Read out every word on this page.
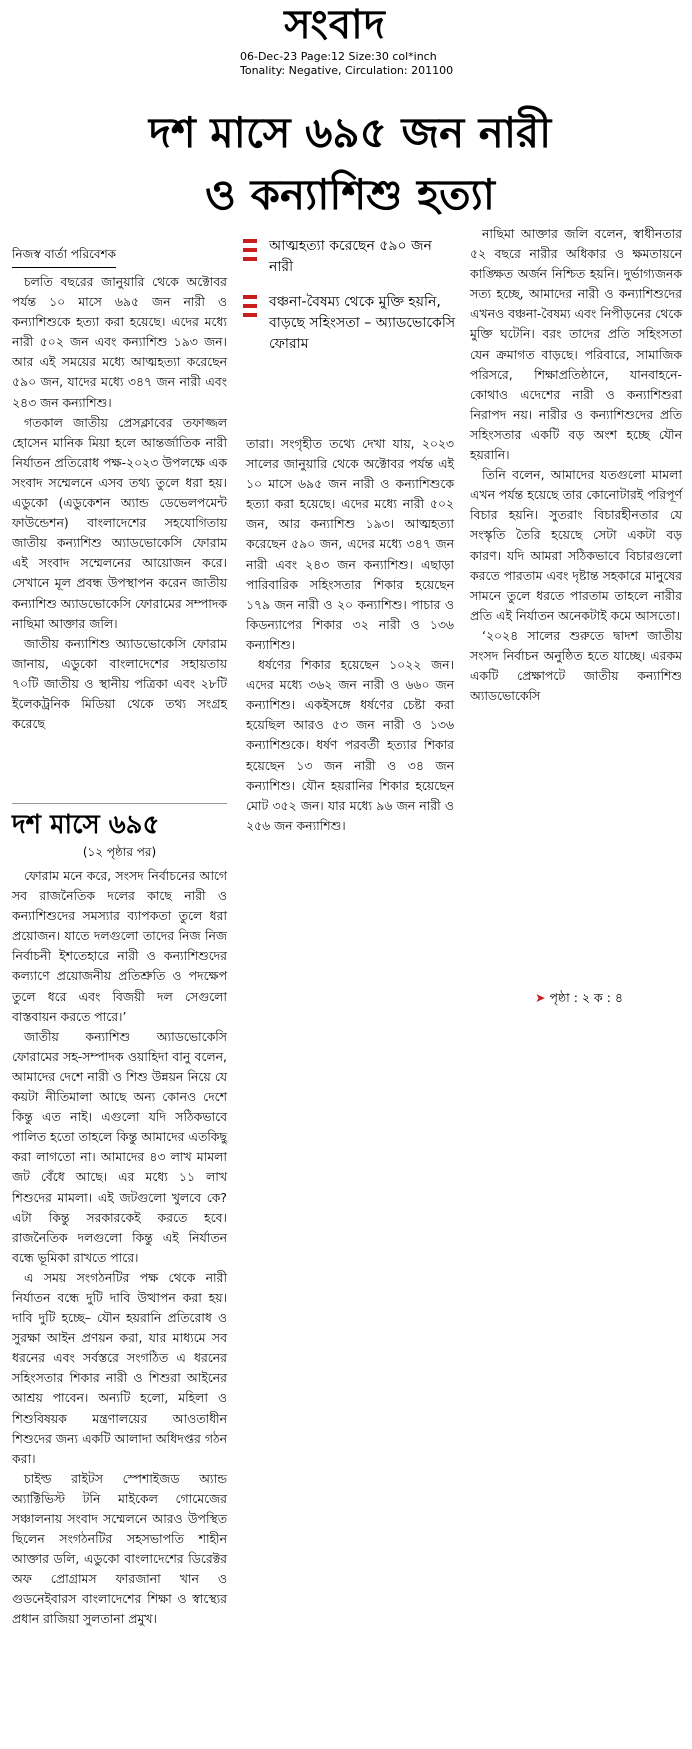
সংবাদ
06-Dec-23 Page:12 Size:30 col*inch
Tonality: Negative, Circulation: 201100
দশ মাসে ৬৯৫ জন নারী
ও কন্যাশিশু হত্যা
নিজস্ব বার্তা পরিবেশক

চলতি বছরের জানুয়ারি থেকে অক্টোবর পর্যন্ত ১০ মাসে ৬৯৫ জন নারী ও কন্যাশিশুকে হত্যা করা হয়েছে। এদের মধ্যে নারী ৫০২ জন এবং কন্যাশিশু ১৯৩ জন। আর এই সময়ের মধ্যে আত্মহত্যা করেছেন ৫৯০ জন, যাদের মধ্যে ৩৪৭ জন নারী এবং ২৪৩ জন কন্যাশিশু।

গতকাল জাতীয় প্রেসক্লাবের তফাজ্জল হোসেন মানিক মিয়া হলে আন্তর্জাতিক নারী নির্যাতন প্রতিরোধ পক্ষ-২০২৩ উপলক্ষে এক সংবাদ সম্মেলনে এসব তথ্য তুলে ধরা হয়। এডুকো (এডুকেশন অ্যান্ড ডেভেলপমেন্ট ফাউন্ডেশন) বাংলাদেশের সহযোগিতায় জাতীয় কন্যাশিশু অ্যাডভোকেসি ফোরাম এই সংবাদ সম্মেলনের আয়োজন করে। সেখানে মূল প্রবন্ধ উপস্থাপন করেন জাতীয় কন্যাশিশু অ্যাডভোকেসি ফোরামের সম্পাদক নাছিমা আক্তার জলি।

জাতীয় কন্যাশিশু অ্যাডভোকেসি ফোরাম জানায়, এডুকো বাংলাদেশের সহায়তায় ৭০টি জাতীয় ও স্থানীয় পত্রিকা এবং ২৮টি ইলেকট্রনিক মিডিয়া থেকে তথ্য সংগ্রহ করেছে

আত্মহত্যা করেছেন ৫৯০ জন নারী
বঞ্চনা-বৈষম্য থেকে মুক্তি হয়নি, বাড়ছে সহিংসতা – অ্যাডভোকেসি ফোরাম

তারা। সংগৃহীত তথ্যে দেখা যায়, ২০২৩ সালের জানুয়ারি থেকে অক্টোবর পর্যন্ত এই ১০ মাসে ৬৯৫ জন নারী ও কন্যাশিশুকে হত্যা করা হয়েছে। এদের মধ্যে নারী ৫০২ জন, আর কন্যাশিশু ১৯৩। আত্মহত্যা করেছেন ৫৯০ জন, এদের মধ্যে ৩৪৭ জন নারী এবং ২৪৩ জন কন্যাশিশু। এছাড়া পারিবারিক সহিংসতার শিকার হয়েছেন ১৭৯ জন নারী ও ২০ কন্যাশিশু। পাচার ও কিডন্যাপের শিকার ৩২ নারী ও ১৩৬ কন্যাশিশু।

ধর্ষণের শিকার হয়েছেন ১০২২ জন। এদের মধ্যে ৩৬২ জন নারী ও ৬৬০ জন কন্যাশিশু। একইসঙ্গে ধর্ষণের চেষ্টা করা হয়েছিল আরও ৫৩ জন নারী ও ১৩৬ কন্যাশিশুকে। ধর্ষণ পরবর্তী হত্যার শিকার হয়েছেন ১৩ জন নারী ও ৩৪ জন কন্যাশিশু। যৌন হয়রানির শিকার হয়েছেন মোট ৩৫২ জন। যার মধ্যে ৯৬ জন নারী ও ২৫৬ জন কন্যাশিশু।

নাছিমা আক্তার জলি বলেন, স্বাধীনতার ৫২ বছরে নারীর অধিকার ও ক্ষমতায়নে কাঙ্ক্ষিত অর্জন নিশ্চিত হয়নি। দুর্ভাগ্যজনক সত্য হচ্ছে, আমাদের নারী ও কন্যাশিশুদের এখনও বঞ্চনা-বৈষম্য এবং নিপীড়নের থেকে মুক্তি ঘটেনি। বরং তাদের প্রতি সহিংসতা যেন ক্রমাগত বাড়ছে। পরিবারে, সামাজিক পরিসরে, শিক্ষাপ্রতিষ্ঠানে, যানবাহনে-কোথাও এদেশের নারী ও কন্যাশিশুরা নিরাপদ নয়। নারীর ও কন্যাশিশুদের প্রতি সহিংসতার একটি বড় অংশ হচ্ছে যৌন হয়রানি।

তিনি বলেন, আমাদের যতগুলো মামলা এখন পর্যন্ত হয়েছে তার কোনোটারই পরিপূর্ণ বিচার হয়নি। সুতরাং বিচারহীনতার যে সংস্কৃতি তৈরি হয়েছে সেটা একটা বড় কারণ। যদি আমরা সঠিকভাবে বিচারগুলো করতে পারতাম এবং দৃষ্টান্ত সহকারে মানুষের সামনে তুলে ধরতে পারতাম তাহলে নারীর প্রতি এই নির্যাতন অনেকটাই কমে আসতো।

‘২০২৪ সালের শুরুতে দ্বাদশ জাতীয় সংসদ নির্বাচন অনুষ্ঠিত হতে যাচ্ছে। এরকম একটি প্রেক্ষাপটে জাতীয় কন্যাশিশু অ্যাডভোকেসি

➤ পৃষ্ঠা : ২ ক : ৪
দশ মাসে ৬৯৫
(১২ পৃষ্ঠার পর)

ফোরাম মনে করে, সংসদ নির্বাচনের আগে সব রাজনৈতিক দলের কাছে নারী ও কন্যাশিশুদের সমস্যার ব্যাপকতা তুলে ধরা প্রয়োজন। যাতে দলগুলো তাদের নিজ নিজ নির্বাচনী ইশতেহারে নারী ও কন্যাশিশুদের কল্যাণে প্রয়োজনীয় প্রতিশ্রুতি ও পদক্ষেপ তুলে ধরে এবং বিজয়ী দল সেগুলো বাস্তবায়ন করতে পারে।’

জাতীয় কন্যাশিশু অ্যাডভোকেসি ফোরামের সহ-সম্পাদক ওয়াহিদা বানু বলেন, আমাদের দেশে নারী ও শিশু উন্নয়ন নিয়ে যে কয়টা নীতিমালা আছে অন্য কোনও দেশে কিন্তু এত নাই। এগুলো যদি সঠিকভাবে পালিত হতো তাহলে কিন্তু আমাদের এতকিছু করা লাগতো না। আমাদের ৪৩ লাখ মামলা জট বেঁধে আছে। এর মধ্যে ১১ লাখ শিশুদের মামলা। এই জটগুলো খুলবে কে? এটা কিন্তু সরকারকেই করতে হবে। রাজনৈতিক দলগুলো কিন্তু এই নির্যাতন বন্ধে ভূমিকা রাখতে পারে।

এ সময় সংগঠনটির পক্ষ থেকে নারী নির্যাতন বন্ধে দুটি দাবি উত্থাপন করা হয়। দাবি দুটি হচ্ছে– যৌন হয়রানি প্রতিরোধ ও সুরক্ষা আইন প্রণয়ন করা, যার মাধ্যমে সব ধরনের এবং সর্বস্তরে সংগঠিত এ ধরনের সহিংসতার শিকার নারী ও শিশুরা আইনের আশ্রয় পাবেন। অন্যটি হলো, মহিলা ও শিশুবিষয়ক মন্ত্রণালয়ের আওতাধীন শিশুদের জন্য একটি আলাদা অধিদপ্তর গঠন করা।

চাইল্ড রাইটস স্পেশাইজড অ্যান্ড অ্যাক্টিভিস্ট টনি মাইকেল গোমেজের সঞ্চালনায় সংবাদ সম্মেলনে আরও উপস্থিত ছিলেন সংগঠনটির সহসভাপতি শাহীন আক্তার ডলি, এডুকো বাংলাদেশের ডিরেক্টর অফ প্রোগ্রামস ফারজানা খান ও গুডনেইবারস বাংলাদেশের শিক্ষা ও স্বাস্থ্যের প্রধান রাজিয়া সুলতানা প্রমুখ।
